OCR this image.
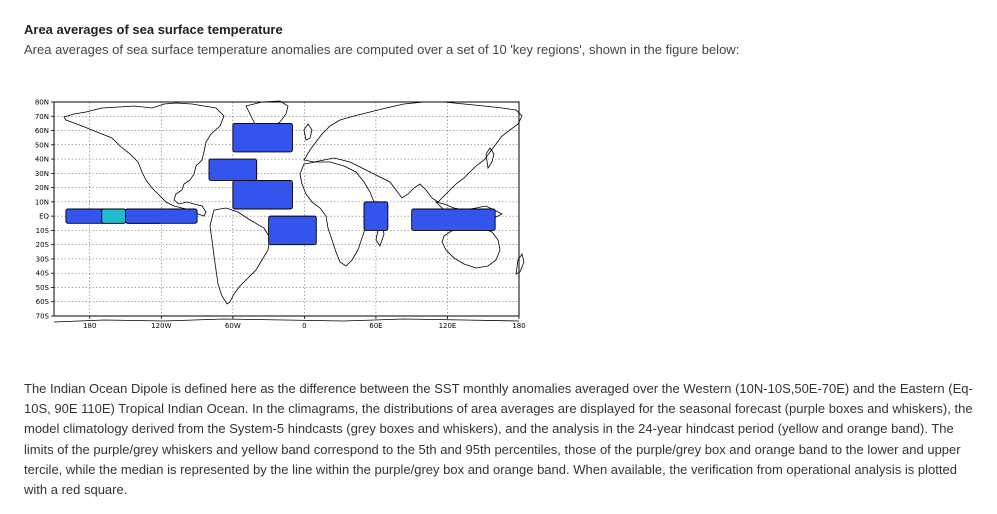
Area averages of sea surface temperature

Area averages of sea surface temperature anomalies are computed over a set of 10 'key regions', shown in the figure below:

80N
70N
60N
50N
40N
30N
20N
10N
EQ
10S
20S
30S
40S
50S
60S
70S
180	120W	60W	0	60E	120E	180

The Indian Ocean Dipole is defined here as the difference between the SST monthly anomalies averaged over the Western (10N-10S,50E-70E) and the Eastern (Eq-10S, 90E 110E) Tropical Indian Ocean. In the climagrams, the distributions of area averages are displayed for the seasonal forecast (purple boxes and whiskers), the model climatology derived from the System-5 hindcasts (grey boxes and whiskers), and the analysis in the 24-year hindcast period (yellow and orange band). The limits of the purple/grey whiskers and yellow band correspond to the 5th and 95th percentiles, those of the purple/grey box and orange band to the lower and upper tercile, while the median is represented by the line within the purple/grey box and orange band. When available, the verification from operational analysis is plotted with a red square.
